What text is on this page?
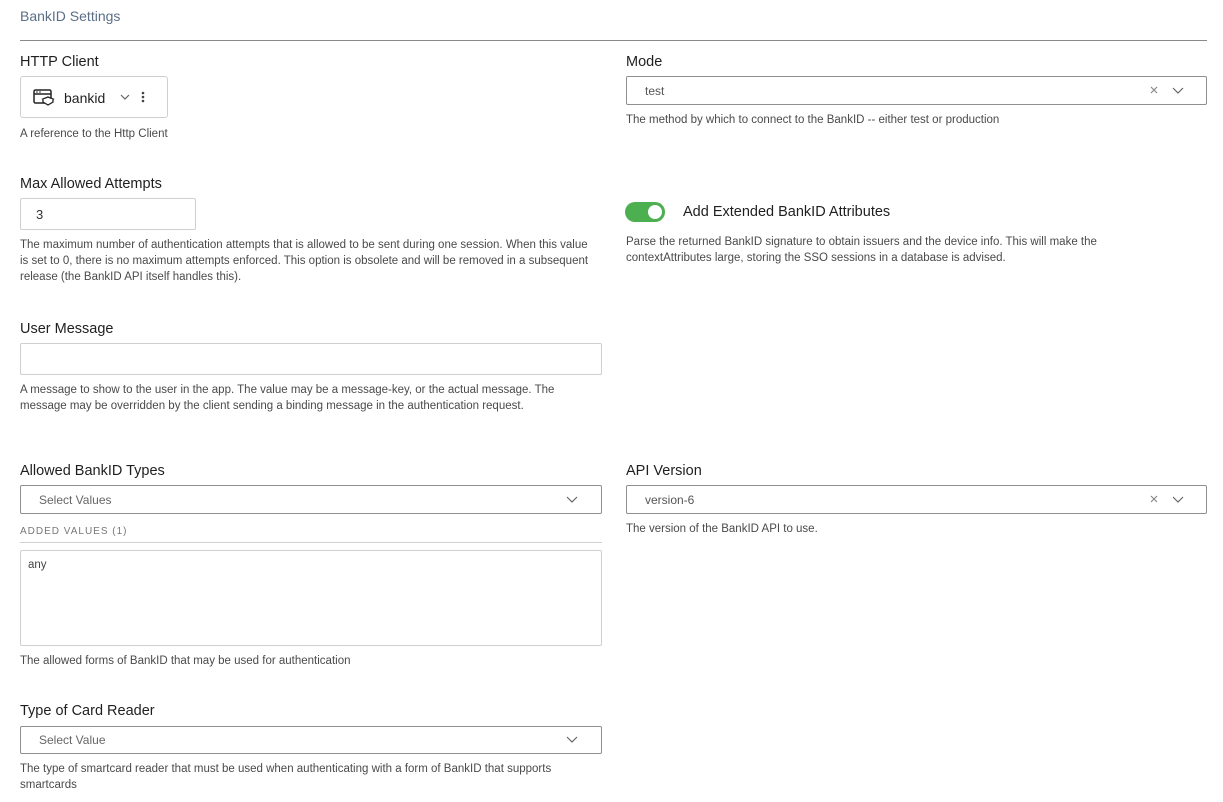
BankID Settings
HTTP Client
bankid
A reference to the Http Client
Mode
test
The method by which to connect to the BankID -- either test or production
Max Allowed Attempts
3
The maximum number of authentication attempts that is allowed to be sent during one session. When this value is set to 0, there is no maximum attempts enforced. This option is obsolete and will be removed in a subsequent release (the BankID API itself handles this).
Add Extended BankID Attributes
Parse the returned BankID signature to obtain issuers and the device info. This will make the contextAttributes large, storing the SSO sessions in a database is advised.
User Message
A message to show to the user in the app. The value may be a message-key, or the actual message. The message may be overridden by the client sending a binding message in the authentication request.
Allowed BankID Types
Select Values
ADDED VALUES (1)
any
The allowed forms of BankID that may be used for authentication
API Version
version-6
The version of the BankID API to use.
Type of Card Reader
Select Value
The type of smartcard reader that must be used when authenticating with a form of BankID that supports smartcards
